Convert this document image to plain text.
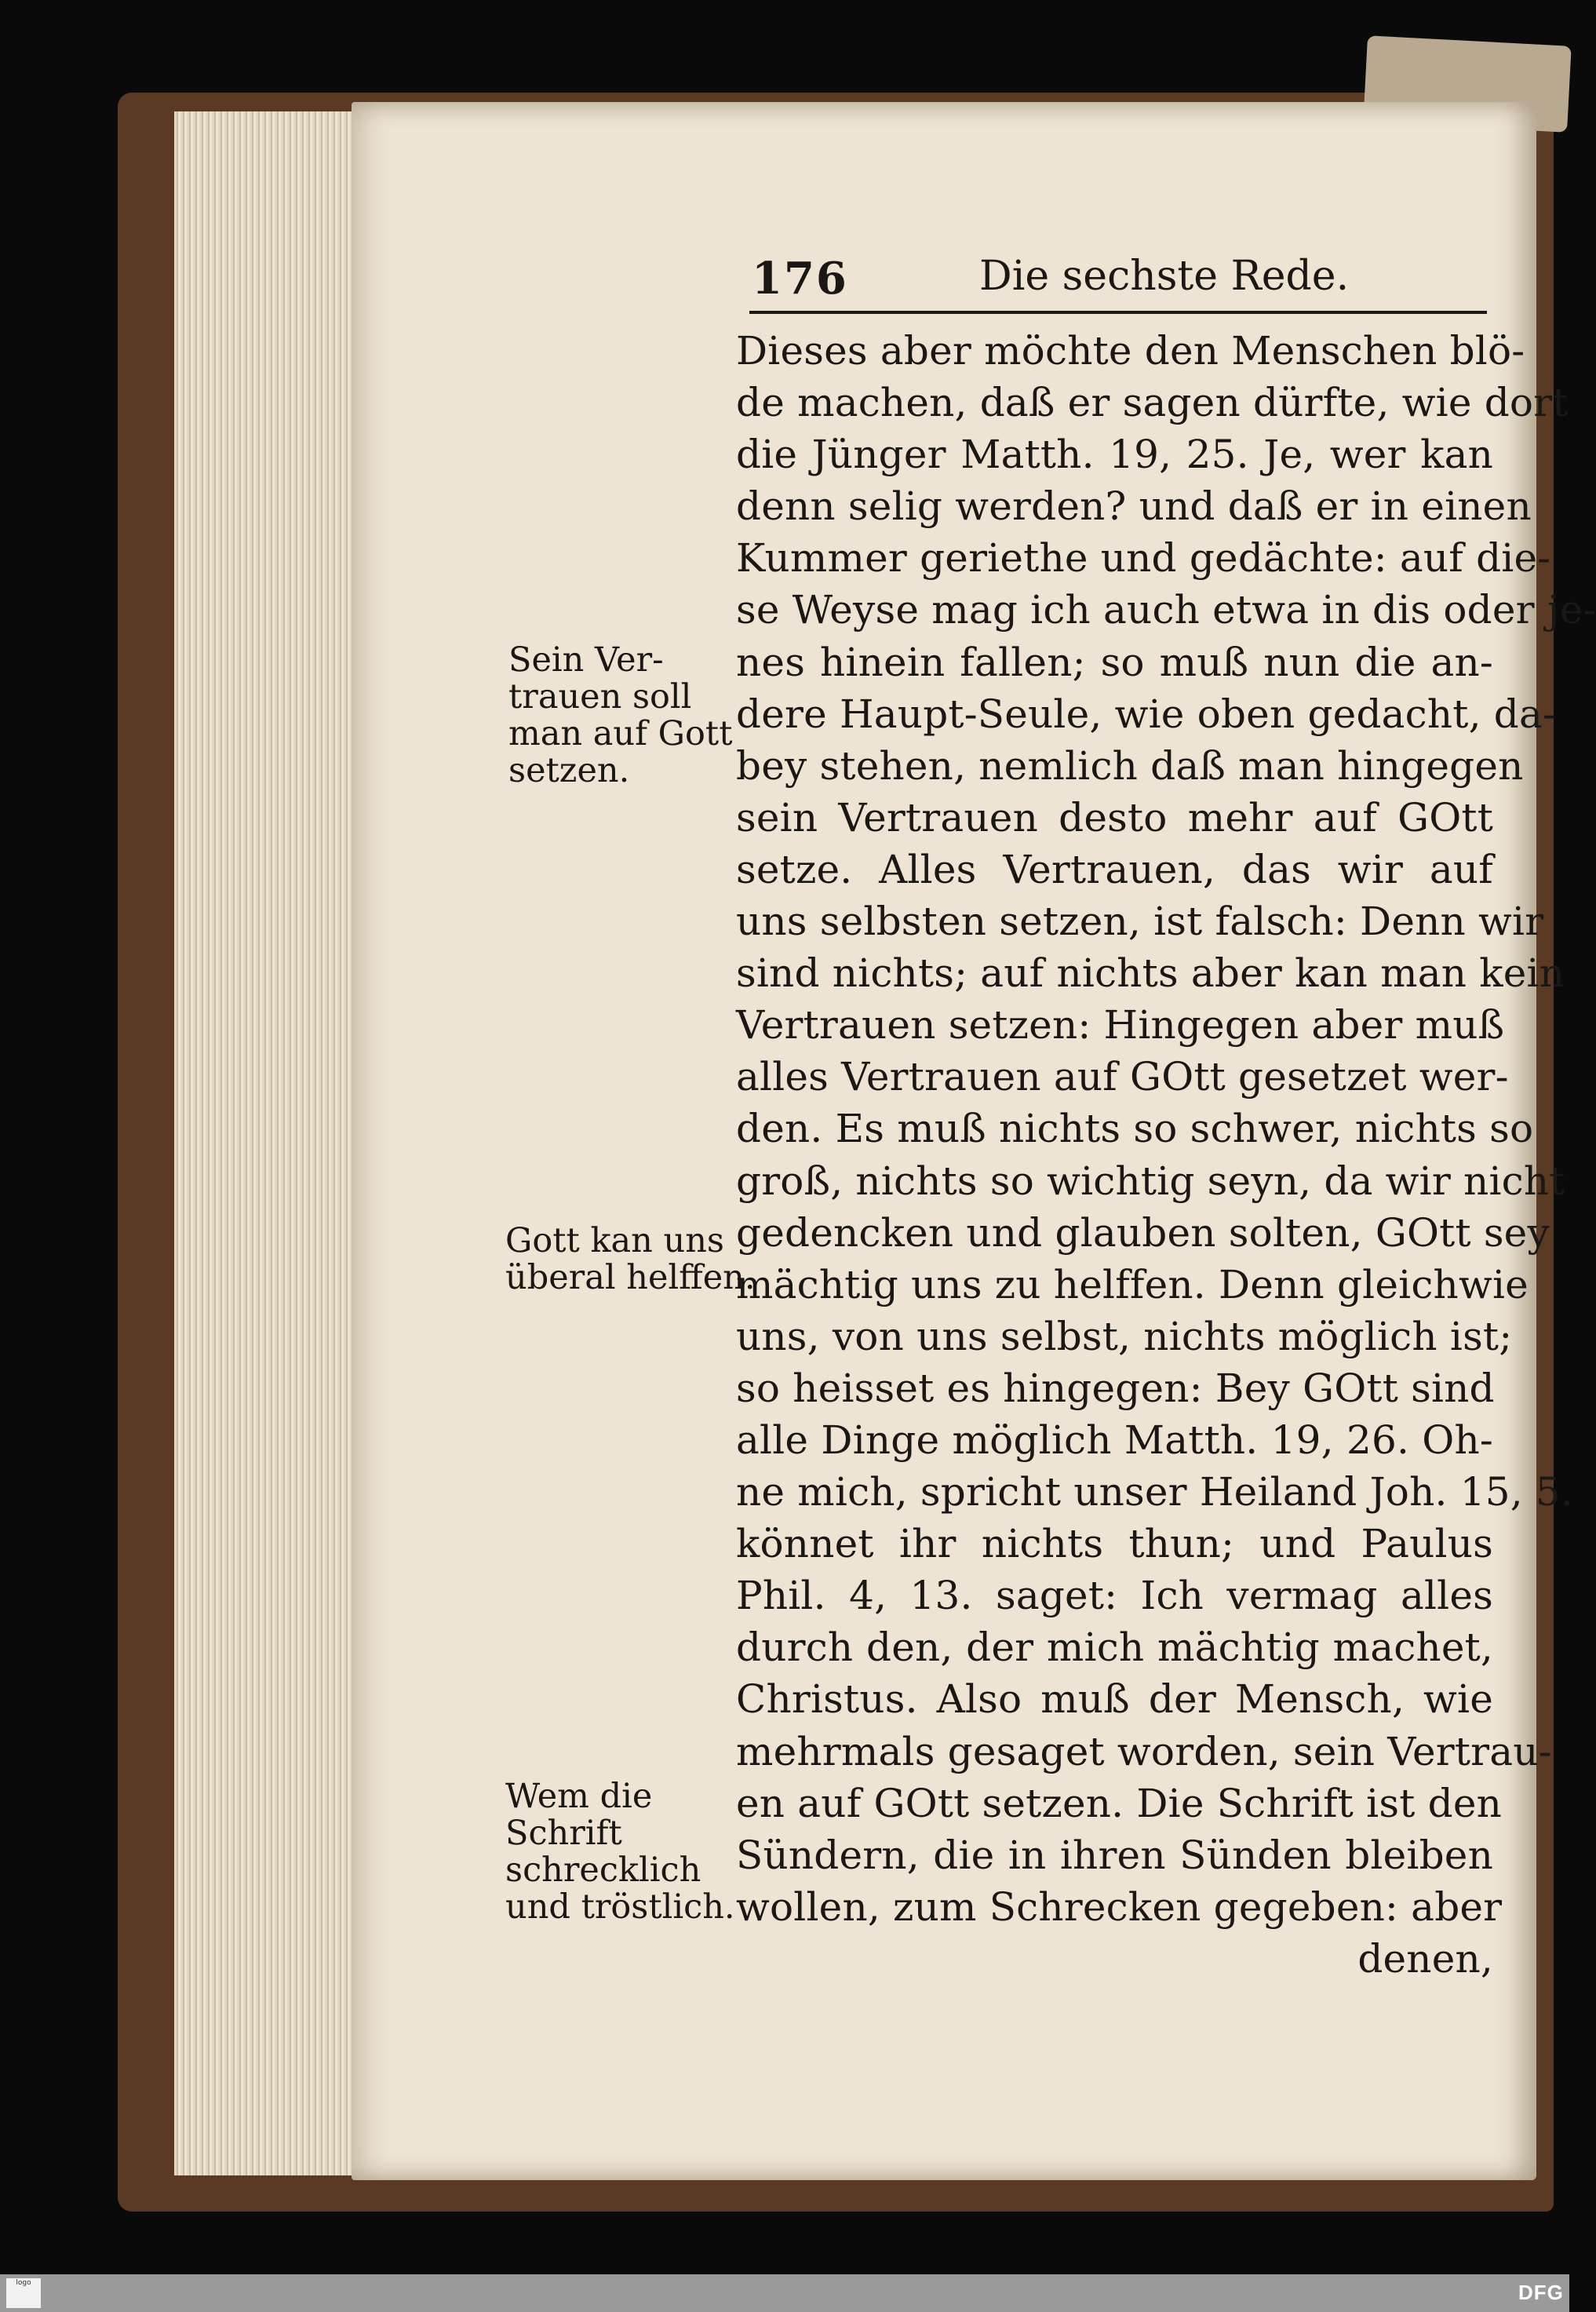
176	Die sechste Rede.
Dieses aber möchte den Menschen blö-
de machen, daß er sagen dürfte, wie dort
die Jünger Matth. 19, 25. Je, wer kan
denn selig werden? und daß er in einen
Kummer geriethe und gedächte: auf die-
se Weyse mag ich auch etwa in dis oder je-
nes hinein fallen; so muß nun die an-
dere Haupt-Seule, wie oben gedacht, da-
bey stehen, nemlich daß man hingegen
sein Vertrauen desto mehr auf GOtt
setze. Alles Vertrauen, das wir auf
uns selbsten setzen, ist falsch: Denn wir
sind nichts; auf nichts aber kan man kein
Vertrauen setzen: Hingegen aber muß
alles Vertrauen auf GOtt gesetzet wer-
den. Es muß nichts so schwer, nichts so
groß, nichts so wichtig seyn, da wir nicht
gedencken und glauben solten, GOtt sey
mächtig uns zu helffen. Denn gleichwie
uns, von uns selbst, nichts möglich ist;
so heisset es hingegen: Bey GOtt sind
alle Dinge möglich Matth. 19, 26. Oh-
ne mich, spricht unser Heiland Joh. 15, 5.
könnet ihr nichts thun; und Paulus
Phil. 4, 13. saget: Ich vermag alles
durch den, der mich mächtig machet,
Christus. Also muß der Mensch, wie
mehrmals gesaget worden, sein Vertrau-
en auf GOtt setzen. Die Schrift ist den
Sündern, die in ihren Sünden bleiben
wollen, zum Schrecken gegeben: aber
denen,
Sein Ver-
trauen soll
man auf Gott
setzen.
Gott kan uns
überal helffen.
Wem die
Schrift
schrecklich
und tröstlich.
logo	DFG
